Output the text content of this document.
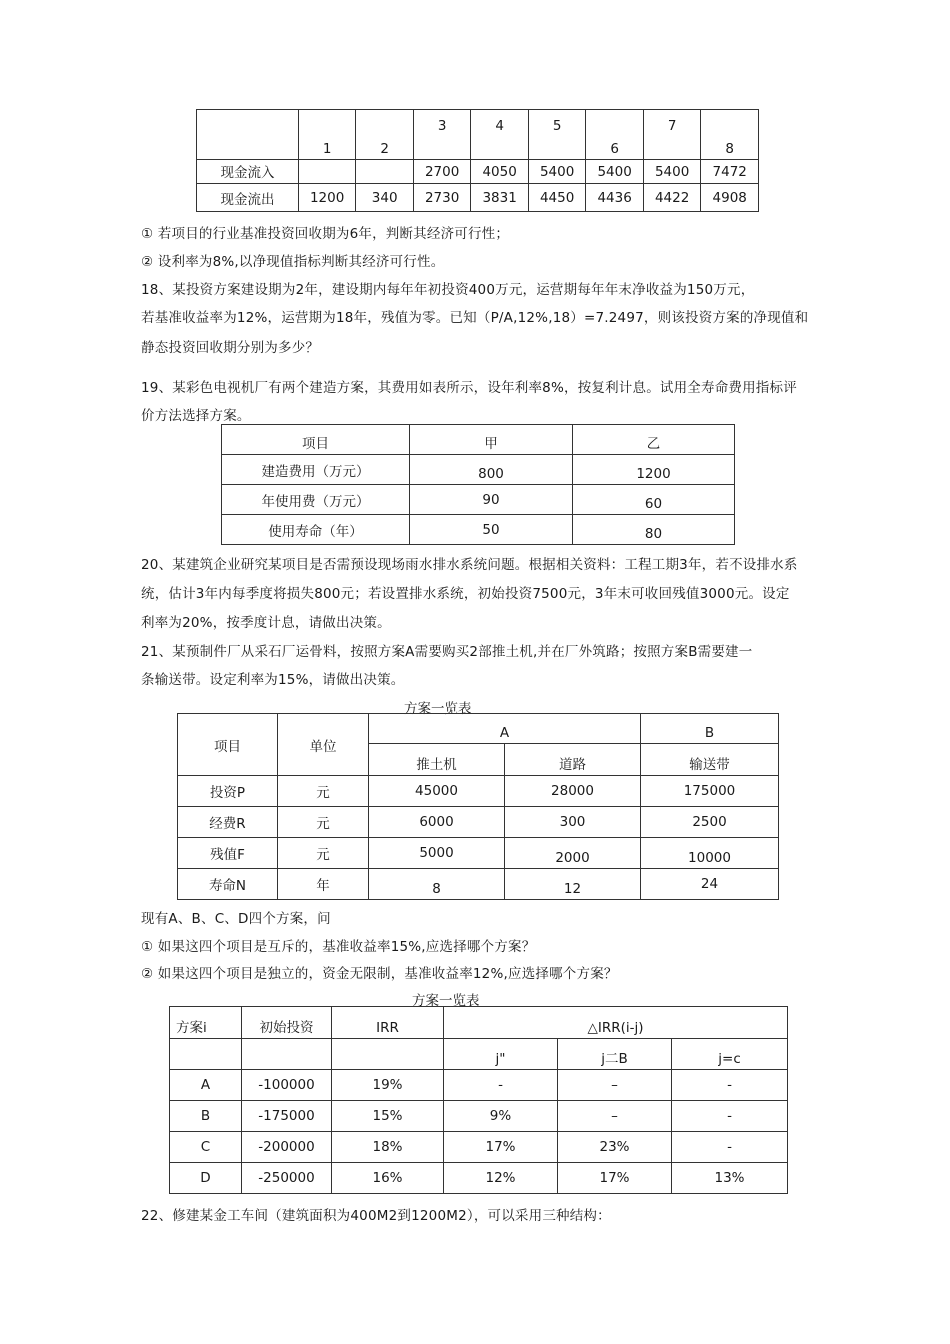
	1	2	3	4	5	6	7	8
现金流入			2700	4050	5400	5400	5400	7472
现金流出	1200	340	2730	3831	4450	4436	4422	4908
① 若项目的行业基准投资回收期为6年，判断其经济可行性；
② 设利率为8%,以净现值指标判断其经济可行性。
18、某投资方案建设期为2年，建设期内每年年初投资400万元，运营期每年年末净收益为150万元，
若基准收益率为12%，运营期为18年，残值为零。已知（P/A,12%,18）=7.2497，则该投资方案的净现值和
静态投资回收期分别为多少？
19、某彩色电视机厂有两个建造方案，其费用如表所示，设年利率8%，按复利计息。试用全寿命费用指标评
价方法选择方案。
项目	甲	乙
建造费用（万元）	800	1200
年使用费（万元）	90	60
使用寿命（年）	50	80
20、某建筑企业研究某项目是否需预设现场雨水排水系统问题。根据相关资料：工程工期3年，若不设排水系
统，估计3年内每季度将损失800元；若设置排水系统，初始投资7500元，3年末可收回残值3000元。设定
利率为20%，按季度计息，请做出决策。
21、某预制件厂从采石厂运骨料，按照方案A需要购买2部推土机,并在厂外筑路；按照方案B需要建一
条输送带。设定利率为15%，请做出决策。
方案一览表
项目	单位	A		B
		推土机	道路	输送带
投资P	元	45000	28000	175000
经费R	元	6000	300	2500
残值F	元	5000	2000	10000
寿命N	年	8	12	24
现有A、B、C、D四个方案，问
① 如果这四个项目是互斥的，基准收益率15%,应选择哪个方案？
② 如果这四个项目是独立的，资金无限制，基准收益率12%,应选择哪个方案？
方案一览表
方案i	初始投资	IRR	△IRR(i-j)		
			j"	j二B	j=c
A	-100000	19%	-	–	-
B	-175000	15%	9%	–	-
C	-200000	18%	17%	23%	-
D	-250000	16%	12%	17%	13%
22、修建某金工车间（建筑面积为400M2到1200M2），可以采用三种结构：
